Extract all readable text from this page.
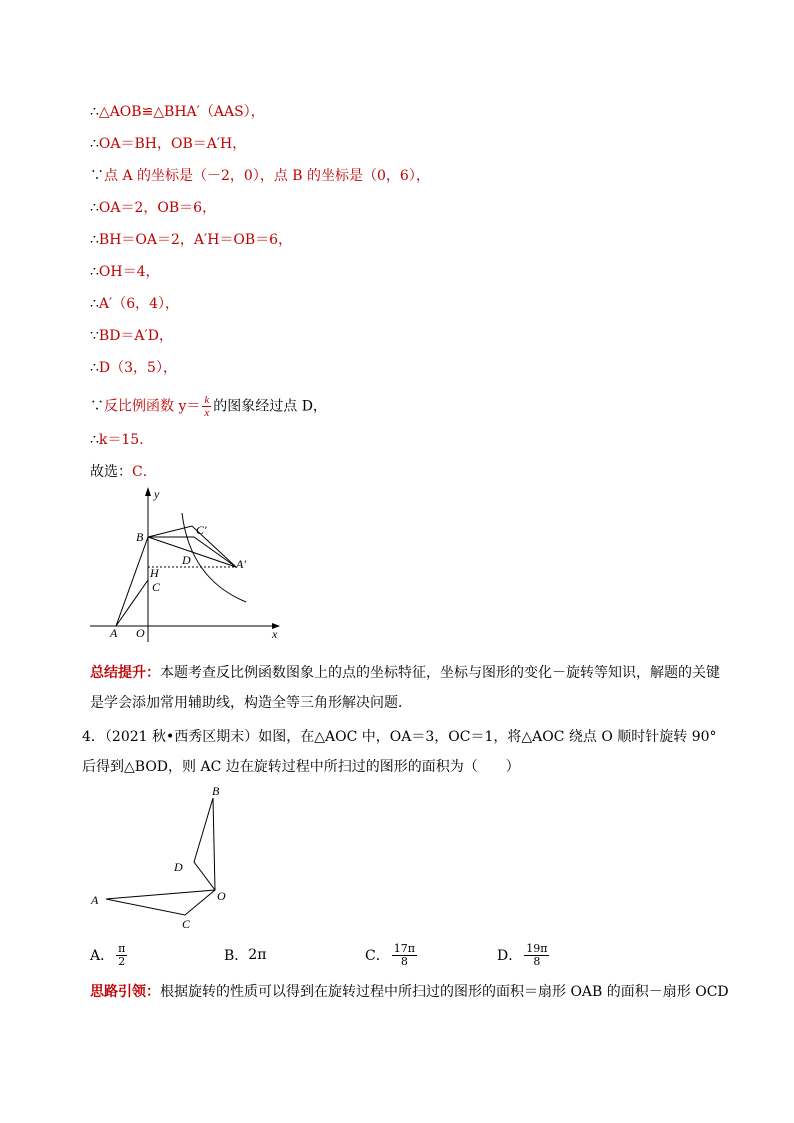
∴△AOB≌△BHA′（AAS），
∴OA＝BH，OB＝A′H，
∵点 A 的坐标是（－2，0），点 B 的坐标是（0，6），
∴OA＝2，OB＝6，
∴BH＝OA＝2，A′H＝OB＝6，
∴OH＝4，
∴A′（6，4），
∵BD＝A′D，
∴D（3，5），
∵反比例函数 $y= \frac{k}{x}$ 的图象经过点 D，
∴k＝15．
故选：C．
y
x
B	C′
D	A′
H
C
A O
总结提升：本题考查反比例函数图象上的点的坐标特征，坐标与图形的变化－旋转等知识，解题的关键是学会添加常用辅助线，构造全等三角形解决问题．
4．（2021 秋•西秀区期末）如图，在△AOC 中，OA＝3，OC＝1，将△AOC 绕点 O 顺时针旋转 90°后得到△BOD，则 AC 边在旋转过程中所扫过的图形的面积为（　　）
B
D
O
A
C
A． $\frac{\pi}{2}$	B． 2π	C． $\frac{17\pi}{8}$	D． $\frac{19\pi}{8}$
思路引领：根据旋转的性质可以得到在旋转过程中所扫过的图形的面积＝扇形 OAB 的面积－扇形 OCD
